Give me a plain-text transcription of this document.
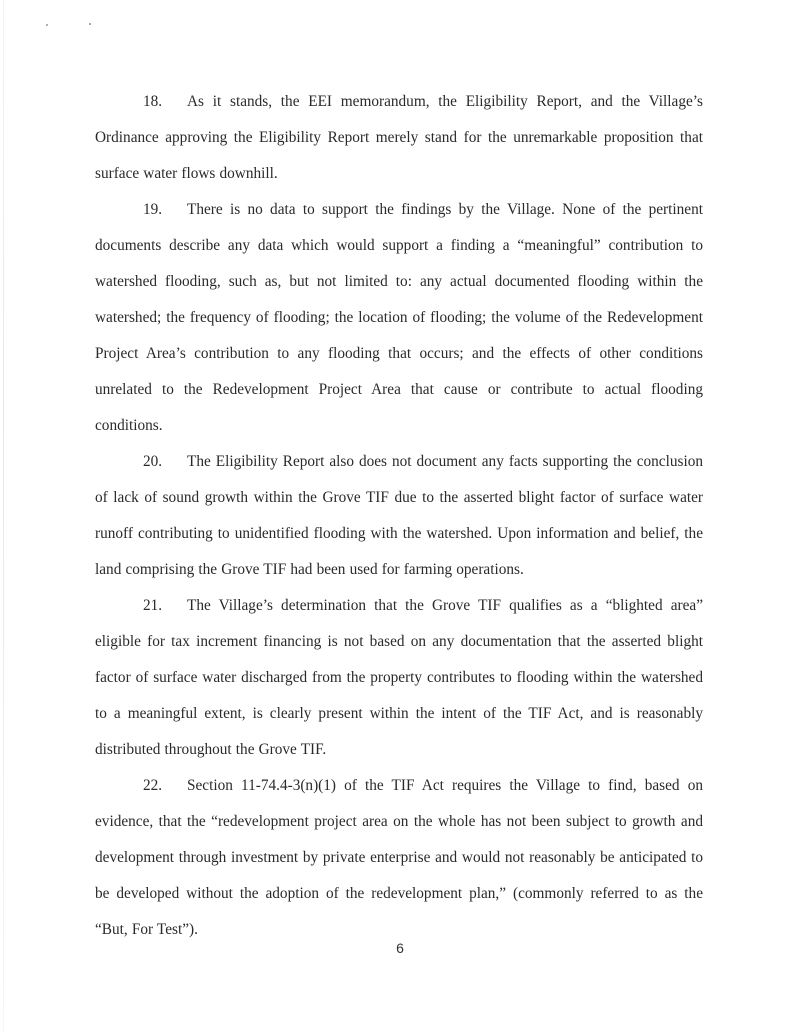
18. As it stands, the EEI memorandum, the Eligibility Report, and the Village’s Ordinance approving the Eligibility Report merely stand for the unremarkable proposition that surface water flows downhill.

19. There is no data to support the findings by the Village. None of the pertinent documents describe any data which would support a finding a “meaningful” contribution to watershed flooding, such as, but not limited to: any actual documented flooding within the watershed; the frequency of flooding; the location of flooding; the volume of the Redevelopment Project Area’s contribution to any flooding that occurs; and the effects of other conditions unrelated to the Redevelopment Project Area that cause or contribute to actual flooding conditions.

20. The Eligibility Report also does not document any facts supporting the conclusion of lack of sound growth within the Grove TIF due to the asserted blight factor of surface water runoff contributing to unidentified flooding with the watershed. Upon information and belief, the land comprising the Grove TIF had been used for farming operations.

21. The Village’s determination that the Grove TIF qualifies as a “blighted area” eligible for tax increment financing is not based on any documentation that the asserted blight factor of surface water discharged from the property contributes to flooding within the watershed to a meaningful extent, is clearly present within the intent of the TIF Act, and is reasonably distributed throughout the Grove TIF.

22. Section 11-74.4-3(n)(1) of the TIF Act requires the Village to find, based on evidence, that the “redevelopment project area on the whole has not been subject to growth and development through investment by private enterprise and would not reasonably be anticipated to be developed without the adoption of the redevelopment plan,” (commonly referred to as the “But, For Test”).

6
